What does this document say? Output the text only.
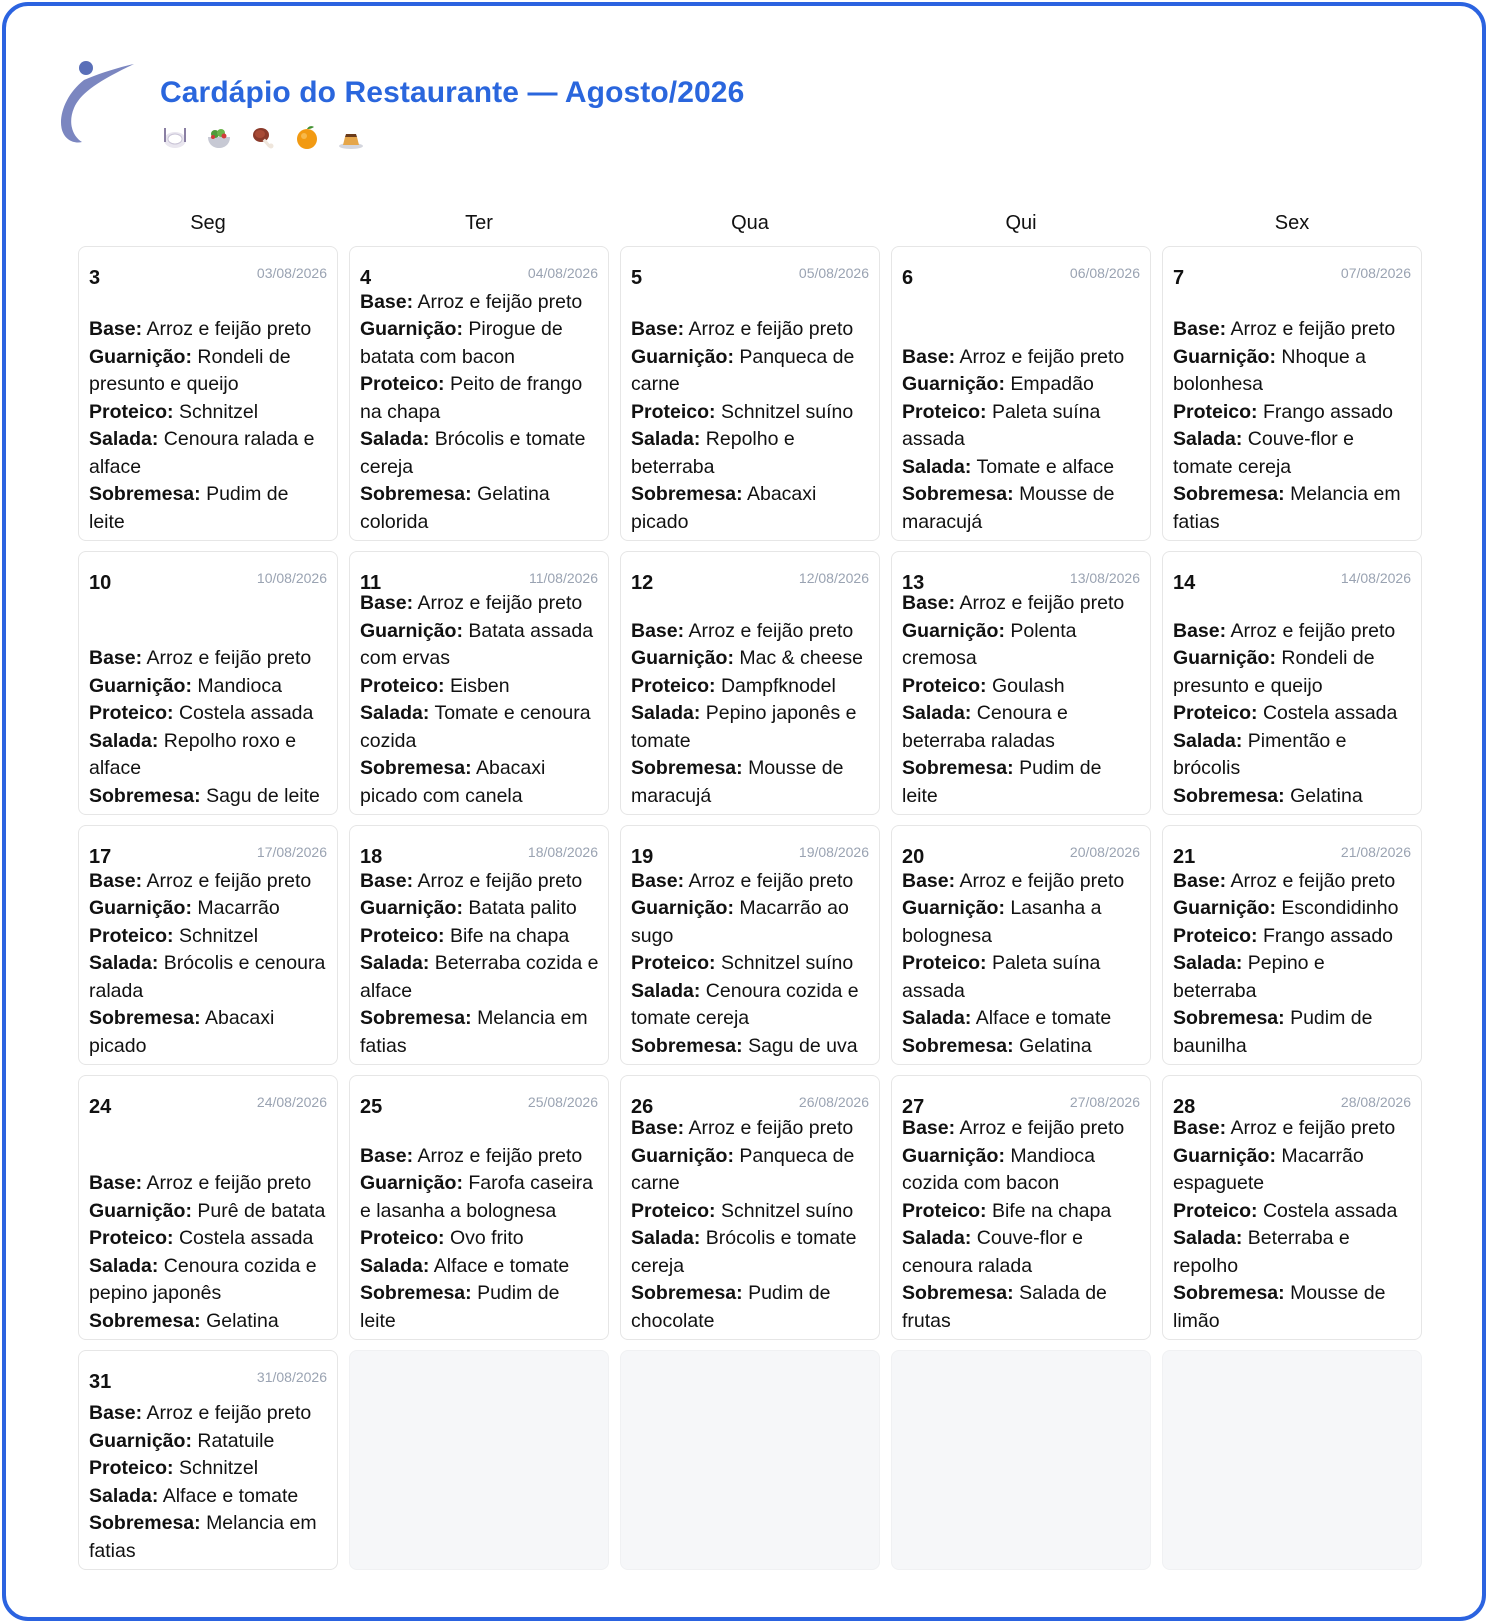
Cardápio do Restaurante — Agosto/2026
Seg	Ter	Qua	Qui	Sex
3	03/08/2026

Base: Arroz e feijão preto

Guarnição: Rondeli de presunto e queijo

Proteico: Schnitzel

Salada: Cenoura ralada e alface

Sobremesa: Pudim de leite

4	04/08/2026

Base: Arroz e feijão preto

Guarnição: Pirogue de batata com bacon

Proteico: Peito de frango na chapa

Salada: Brócolis e tomate cereja

Sobremesa: Gelatina colorida

5	05/08/2026

Base: Arroz e feijão preto

Guarnição: Panqueca de carne

Proteico: Schnitzel suíno

Salada: Repolho e beterraba

Sobremesa: Abacaxi picado

6	06/08/2026

Base: Arroz e feijão preto

Guarnição: Empadão

Proteico: Paleta suína assada

Salada: Tomate e alface

Sobremesa: Mousse de maracujá

7	07/08/2026

Base: Arroz e feijão preto

Guarnição: Nhoque a bolonhesa

Proteico: Frango assado

Salada: Couve-flor e tomate cereja

Sobremesa: Melancia em fatias

10	10/08/2026

Base: Arroz e feijão preto

Guarnição: Mandioca

Proteico: Costela assada

Salada: Repolho roxo e alface

Sobremesa: Sagu de leite

11	11/08/2026

Base: Arroz e feijão preto

Guarnição: Batata assada com ervas

Proteico: Eisben

Salada: Tomate e cenoura cozida

Sobremesa: Abacaxi picado com canela

12	12/08/2026

Base: Arroz e feijão preto

Guarnição: Mac & cheese

Proteico: Dampfknodel

Salada: Pepino japonês e tomate

Sobremesa: Mousse de maracujá

13	13/08/2026

Base: Arroz e feijão preto

Guarnição: Polenta cremosa

Proteico: Goulash

Salada: Cenoura e beterraba raladas

Sobremesa: Pudim de leite

14	14/08/2026

Base: Arroz e feijão preto

Guarnição: Rondeli de presunto e queijo

Proteico: Costela assada

Salada: Pimentão e brócolis

Sobremesa: Gelatina

17	17/08/2026

Base: Arroz e feijão preto

Guarnição: Macarrão

Proteico: Schnitzel

Salada: Brócolis e cenoura ralada

Sobremesa: Abacaxi picado

18	18/08/2026

Base: Arroz e feijão preto

Guarnição: Batata palito

Proteico: Bife na chapa

Salada: Beterraba cozida e alface

Sobremesa: Melancia em fatias

19	19/08/2026

Base: Arroz e feijão preto

Guarnição: Macarrão ao sugo

Proteico: Schnitzel suíno

Salada: Cenoura cozida e tomate cereja

Sobremesa: Sagu de uva

20	20/08/2026

Base: Arroz e feijão preto

Guarnição: Lasanha a bolognesa

Proteico: Paleta suína assada

Salada: Alface e tomate

Sobremesa: Gelatina

21	21/08/2026

Base: Arroz e feijão preto

Guarnição: Escondidinho

Proteico: Frango assado

Salada: Pepino e beterraba

Sobremesa: Pudim de baunilha

24	24/08/2026

Base: Arroz e feijão preto

Guarnição: Purê de batata

Proteico: Costela assada

Salada: Cenoura cozida e pepino japonês

Sobremesa: Gelatina

25	25/08/2026

Base: Arroz e feijão preto

Guarnição: Farofa caseira e lasanha a bolognesa

Proteico: Ovo frito

Salada: Alface e tomate

Sobremesa: Pudim de leite

26	26/08/2026

Base: Arroz e feijão preto

Guarnição: Panqueca de carne

Proteico: Schnitzel suíno

Salada: Brócolis e tomate cereja

Sobremesa: Pudim de chocolate

27	27/08/2026

Base: Arroz e feijão preto

Guarnição: Mandioca cozida com bacon

Proteico: Bife na chapa

Salada: Couve-flor e cenoura ralada

Sobremesa: Salada de frutas

28	28/08/2026

Base: Arroz e feijão preto

Guarnição: Macarrão espaguete

Proteico: Costela assada

Salada: Beterraba e repolho

Sobremesa: Mousse de limão

31	31/08/2026

Base: Arroz e feijão preto

Guarnição: Ratatuile

Proteico: Schnitzel

Salada: Alface e tomate

Sobremesa: Melancia em fatias
